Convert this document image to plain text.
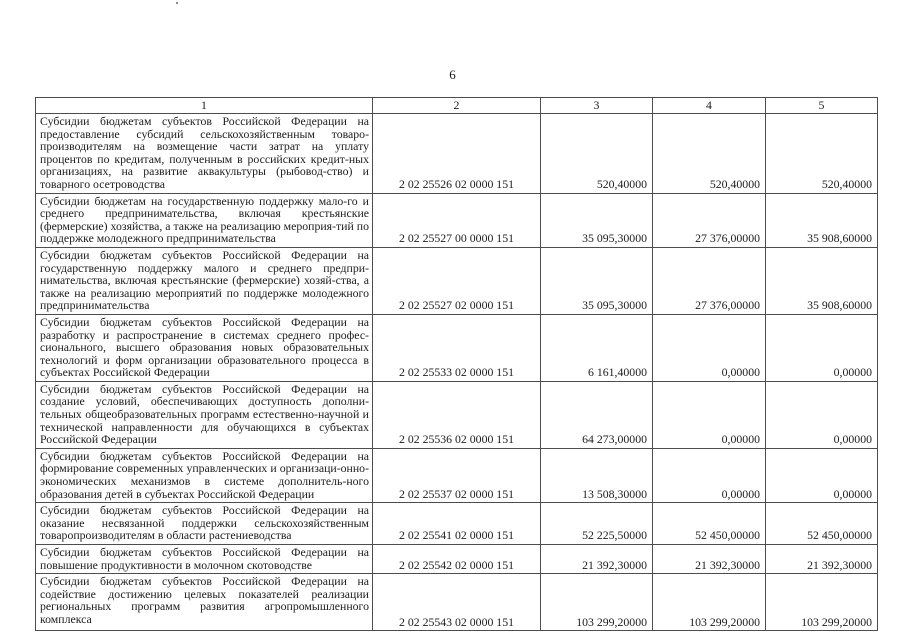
6
1	2	3	4	5
Субсидии бюджетам субъектов Российской Федерации на предоставление субсидий сельскохозяйственным товаро-производителям на возмещение части затрат на уплату процентов по кредитам, полученным в российских кредит-ных организациях, на развитие аквакультуры (рыбовод-ство) и товарного осетроводства	2 02 25526 02 0000 151	520,40000	520,40000	520,40000
Субсидии бюджетам на государственную поддержку мало-го и среднего предпринимательства, включая крестьянские (фермерские) хозяйства, а также на реализацию мероприя-тий по поддержке молодежного предпринимательства	2 02 25527 00 0000 151	35 095,30000	27 376,00000	35 908,60000
Субсидии бюджетам субъектов Российской Федерации на государственную поддержку малого и среднего предпри-нимательства, включая крестьянские (фермерские) хозяй-ства, а также на реализацию мероприятий по поддержке молодежного предпринимательства	2 02 25527 02 0000 151	35 095,30000	27 376,00000	35 908,60000
Субсидии бюджетам субъектов Российской Федерации на разработку и распространение в системах среднего профес-сионального, высшего образования новых образовательных технологий и форм организации образовательного процесса в субъектах Российской Федерации	2 02 25533 02 0000 151	6 161,40000	0,00000	0,00000
Субсидии бюджетам субъектов Российской Федерации на создание условий, обеспечивающих доступность дополни-тельных общеобразовательных программ естественно-научной и технической направленности для обучающихся в субъектах Российской Федерации	2 02 25536 02 0000 151	64 273,00000	0,00000	0,00000
Субсидии бюджетам субъектов Российской Федерации на формирование современных управленческих и организаци-онно-экономических механизмов в системе дополнитель-ного образования детей в субъектах Российской Федерации	2 02 25537 02 0000 151	13 508,30000	0,00000	0,00000
Субсидии бюджетам субъектов Российской Федерации на оказание несвязанной поддержки сельскохозяйственным товаропроизводителям в области растениеводства	2 02 25541 02 0000 151	52 225,50000	52 450,00000	52 450,00000
Субсидии бюджетам субъектов Российской Федерации на повышение продуктивности в молочном скотоводстве	2 02 25542 02 0000 151	21 392,30000	21 392,30000	21 392,30000
Субсидии бюджетам субъектов Российской Федерации на содействие достижению целевых показателей реализации региональных программ развития агропромышленного комплекса	2 02 25543 02 0000 151	103 299,20000	103 299,20000	103 299,20000
